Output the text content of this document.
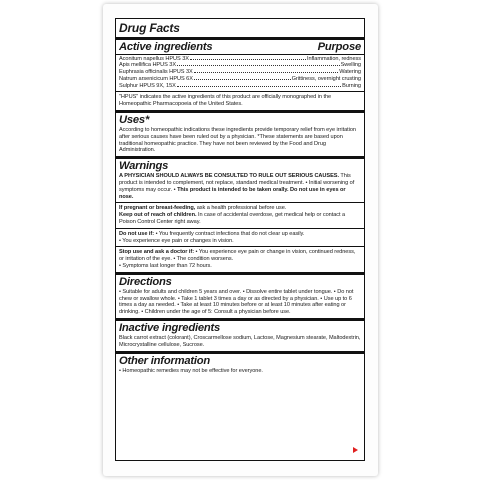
Drug Facts
Active ingredients	Purpose
Aconitum napellus HPUS 3X	Inflammation, redness
Apis mellifica HPUS 3X	Swelling
Euphrasia officinalis HPUS 3X	Watering
Natrum arsenicicum HPUS 6X	Grittiness, overnight crusting
Sulphur HPUS 9X, 15X	Burning
"HPUS" indicates the active ingredients of this product are officially monographed in the Homeopathic Pharmacopoeia of the United States.
Uses*
According to homeopathic indications these ingredients provide temporary relief from eye irritation after serious causes have been ruled out by a physician. *These statements are based upon traditional homeopathic practice. They have not been reviewed by the Food and Drug Administration.
Warnings
A PHYSICIAN SHOULD ALWAYS BE CONSULTED TO RULE OUT SERIOUS CAUSES. This product is intended to complement, not replace, standard medical treatment. • Initial worsening of symptoms may occur. • This product is intended to be taken orally. Do not use in eyes or nose.
If pregnant or breast-feeding, ask a health professional before use.
Keep out of reach of children. In case of accidental overdose, get medical help or contact a Poison Control Center right away.
Do not use if: • You frequently contract infections that do not clear up easily.
• You experience eye pain or changes in vision.
Stop use and ask a doctor if: • You experience eye pain or change in vision, continued redness, or irritation of the eye. • The condition worsens.
• Symptoms last longer than 72 hours.
Directions
• Suitable for adults and children 5 years and over. • Dissolve entire tablet under tongue. • Do not chew or swallow whole. • Take 1 tablet 3 times a day or as directed by a physician. • Use up to 6 times a day as needed. • Take at least 10 minutes before or at least 10 minutes after eating or drinking. • Children under the age of 5: Consult a physician before use.
Inactive ingredients
Black carrot extract (colorant), Croscarmellose sodium, Lactose, Magnesium stearate, Maltodextrin, Microcrystalline cellulose, Sucrose.
Other information
• Homeopathic remedies may not be effective for everyone.
